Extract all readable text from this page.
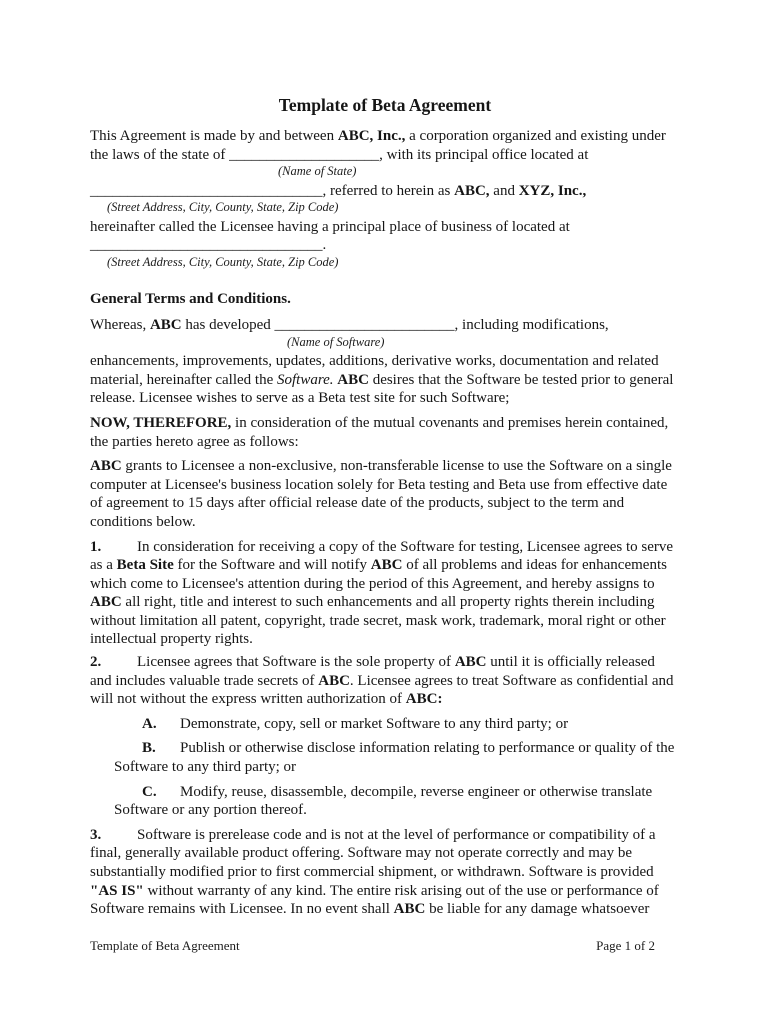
Template of Beta Agreement

This Agreement is made by and between ABC, Inc., a corporation organized and existing under the laws of the state of ____________________, with its principal office located at

(Name of State)

_______________________________, referred to herein as ABC, and XYZ, Inc.,

(Street Address, City, County, State, Zip Code)

hereinafter called the Licensee having a principal place of business of located at

_______________________________.

(Street Address, City, County, State, Zip Code)
General Terms and Conditions.

Whereas, ABC has developed ________________________, including modifications,

(Name of Software)

enhancements, improvements, updates, additions, derivative works, documentation and related material, hereinafter called the Software. ABC desires that the Software be tested prior to general release. Licensee wishes to serve as a Beta test site for such Software;

NOW, THEREFORE, in consideration of the mutual covenants and premises herein contained, the parties hereto agree as follows:

ABC grants to Licensee a non-exclusive, non-transferable license to use the Software on a single computer at Licensee's business location solely for Beta testing and Beta use from effective date of agreement to 15 days after official release date of the products, subject to the term and conditions below.

1. In consideration for receiving a copy of the Software for testing, Licensee agrees to serve as a Beta Site for the Software and will notify ABC of all problems and ideas for enhancements which come to Licensee's attention during the period of this Agreement, and hereby assigns to ABC all right, title and interest to such enhancements and all property rights therein including without limitation all patent, copyright, trade secret, mask work, trademark, moral right or other intellectual property rights.

2. Licensee agrees that Software is the sole property of ABC until it is officially released and includes valuable trade secrets of ABC. Licensee agrees to treat Software as confidential and will not without the express written authorization of ABC:

A. Demonstrate, copy, sell or market Software to any third party; or

B. Publish or otherwise disclose information relating to performance or quality of the Software to any third party; or

C. Modify, reuse, disassemble, decompile, reverse engineer or otherwise translate Software or any portion thereof.

3. Software is prerelease code and is not at the level of performance or compatibility of a final, generally available product offering. Software may not operate correctly and may be substantially modified prior to first commercial shipment, or withdrawn. Software is provided "AS IS" without warranty of any kind. The entire risk arising out of the use or performance of Software remains with Licensee. In no event shall ABC be liable for any damage whatsoever

Template of Beta Agreement	Page 1 of 2
